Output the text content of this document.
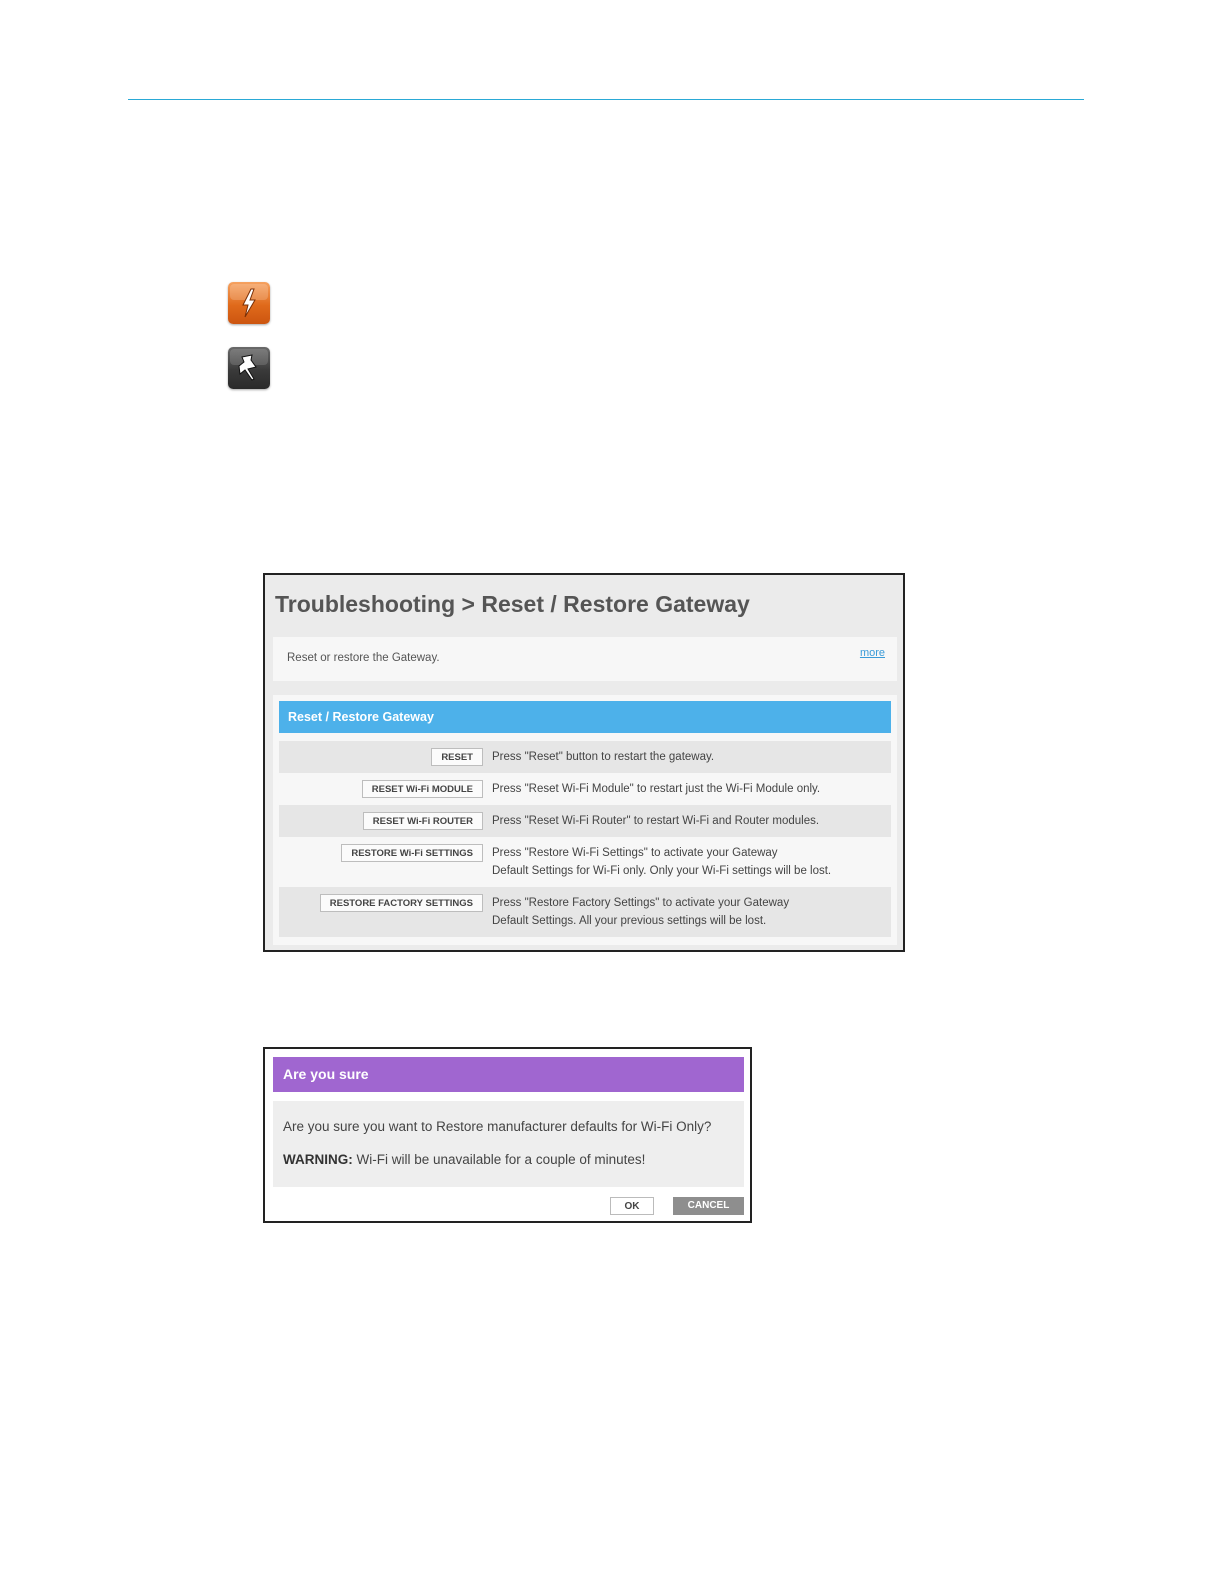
Troubleshooting > Reset / Restore Gateway
Reset or restore the Gateway.	more
Reset / Restore Gateway
RESET	Press "Reset" button to restart the gateway.
RESET Wi-Fi MODULE	Press "Reset Wi-Fi Module" to restart just the Wi-Fi Module only.
RESET Wi-Fi ROUTER	Press "Reset Wi-Fi Router" to restart Wi-Fi and Router modules.
RESTORE Wi-Fi SETTINGS	Press "Restore Wi-Fi Settings" to activate your Gateway
Default Settings for Wi-Fi only. Only your Wi-Fi settings will be lost.
RESTORE FACTORY SETTINGS	Press "Restore Factory Settings" to activate your Gateway
Default Settings. All your previous settings will be lost.
Are you sure
Are you sure you want to Restore manufacturer defaults for Wi-Fi Only?
WARNING: Wi-Fi will be unavailable for a couple of minutes!
OK	CANCEL
